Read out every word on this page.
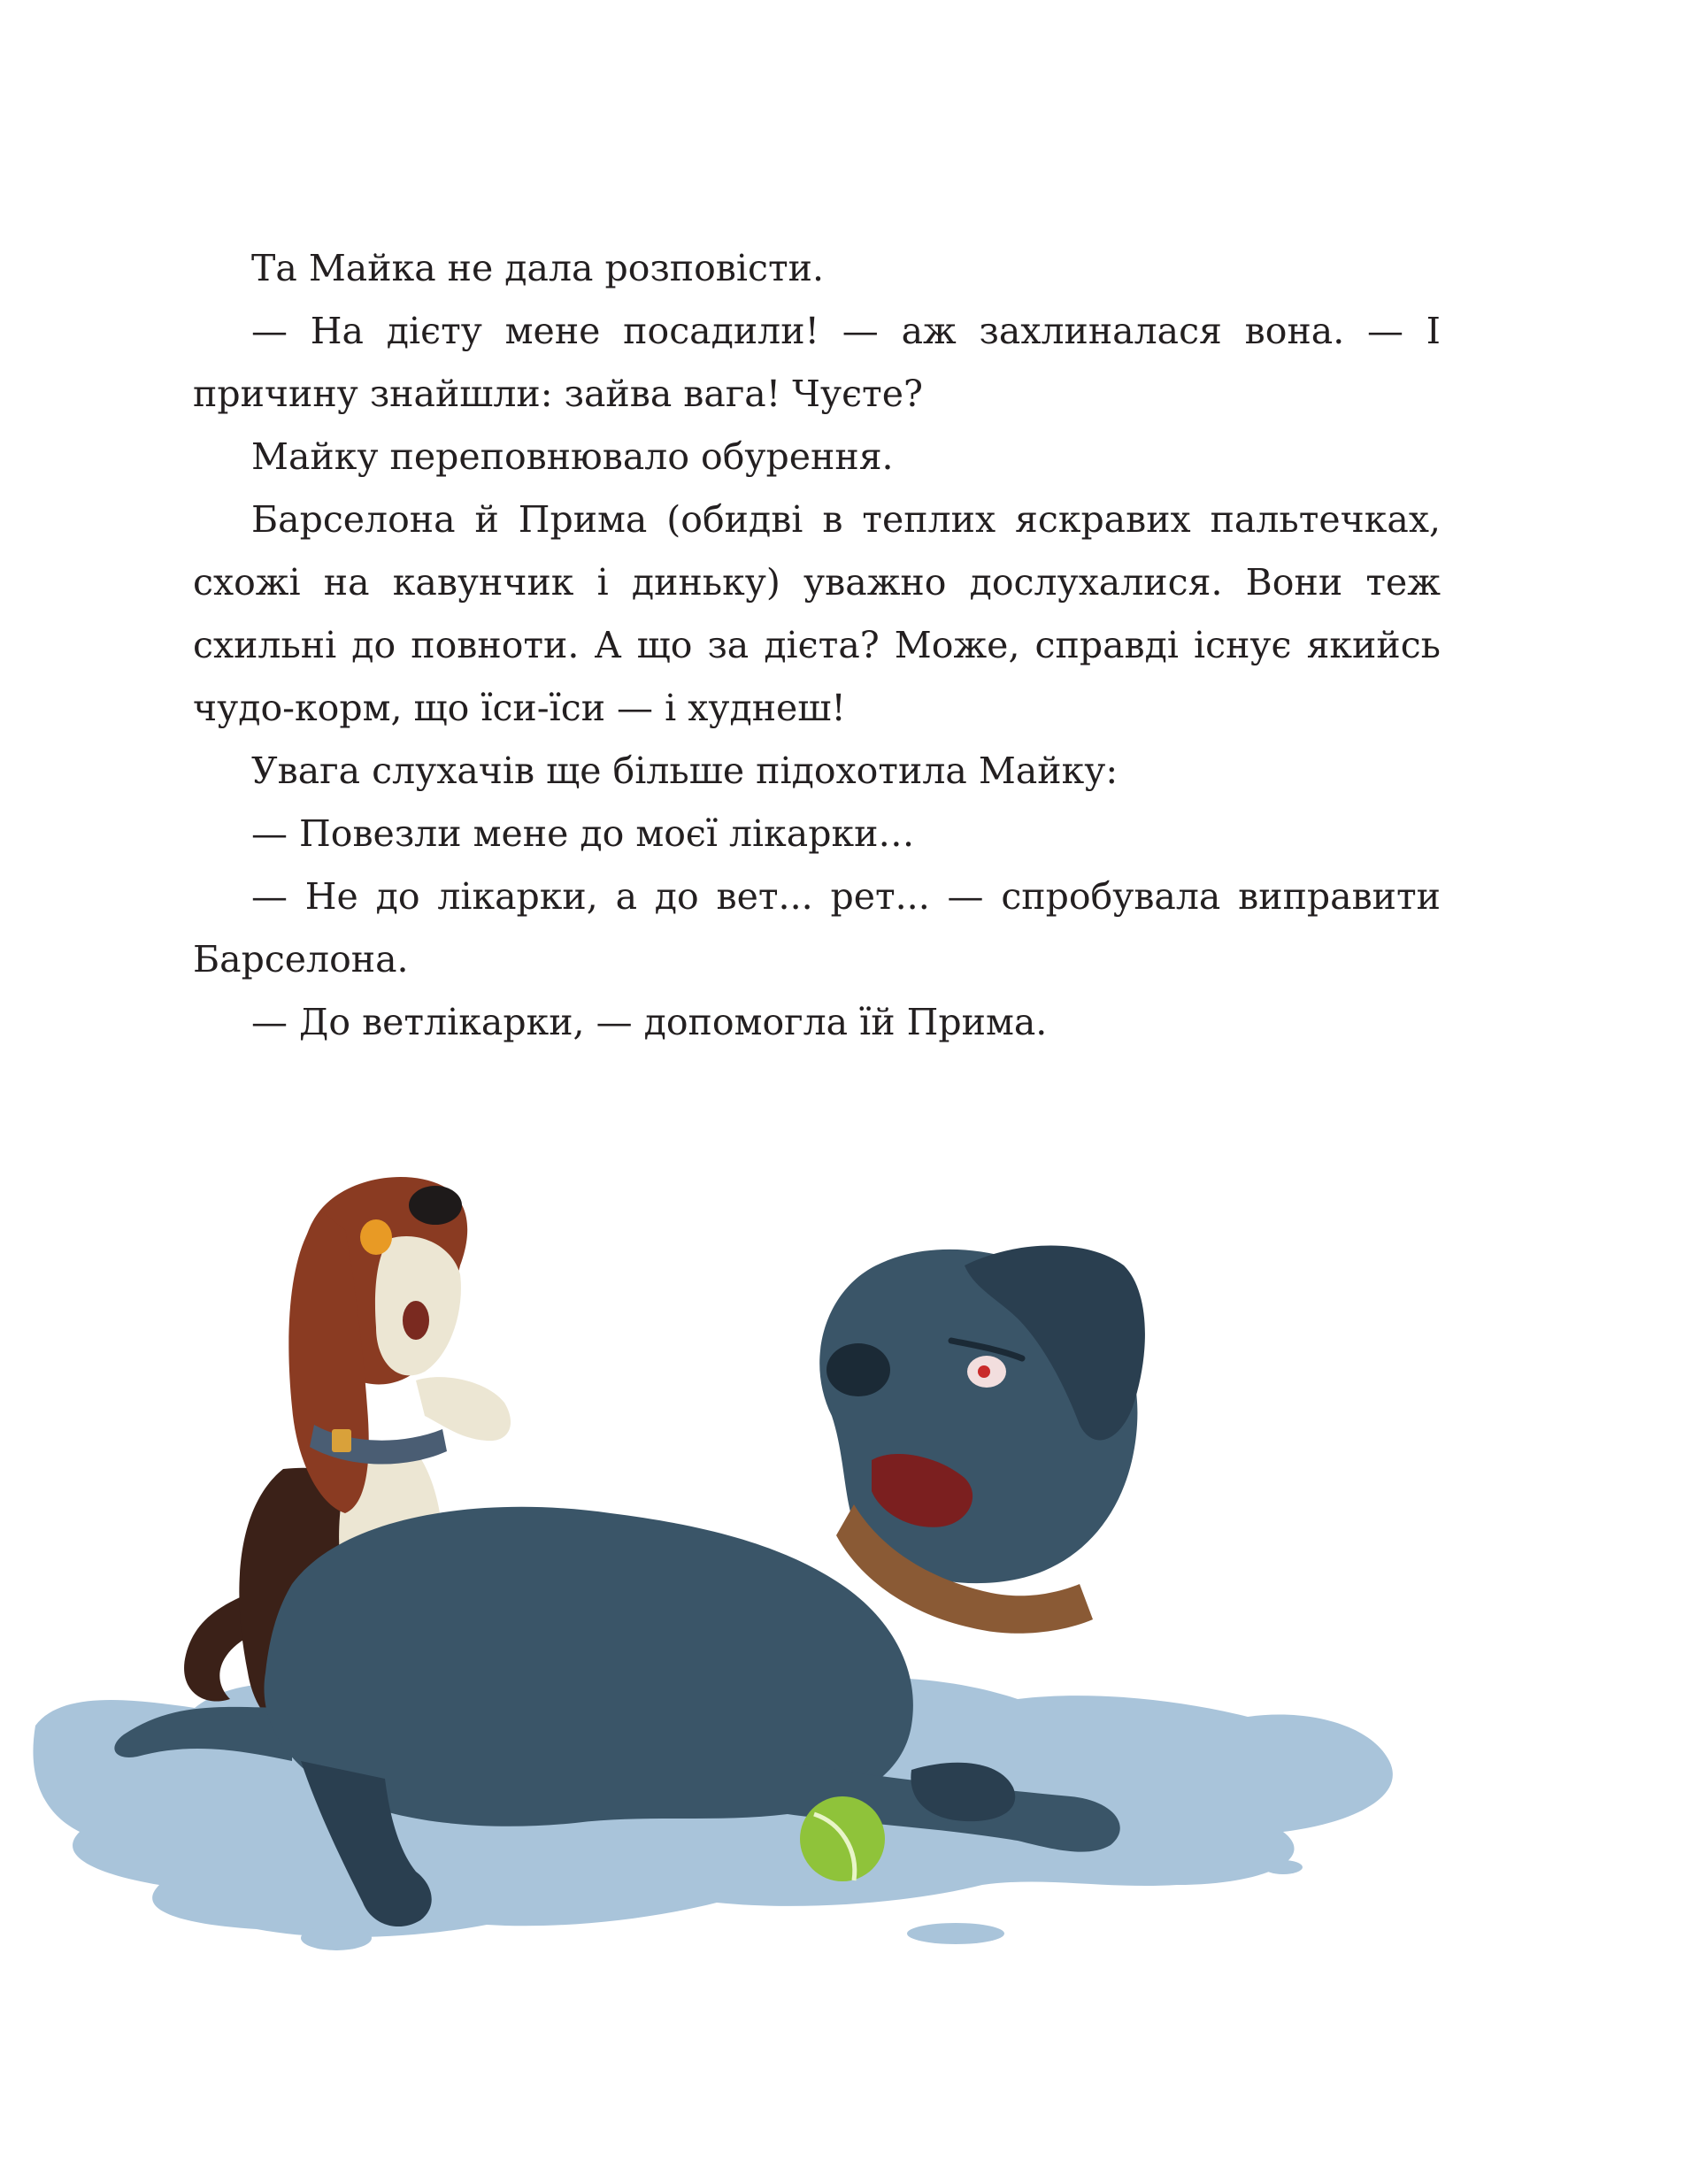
Та Майка не дала розповісти.

— На дієту мене посадили! — аж захлиналася вона. — І причину знайшли: зайва вага! Чуєте?

Майку переповнювало обурення.

Барселона й Прима (обидві в теплих яскравих пальтечках, схожі на кавунчик і диньку) уважно дослухалися. Вони теж схильні до повноти. А що за дієта? Може, справді існує якийсь чудо-корм, що їси-їси — і худнеш!

Увага слухачів ще більше підохотила Майку:

— Повезли мене до моєї лікарки…

— Не до лікарки, а до вет... рет... — спробувала виправити Барселона.

— До ветлікарки, — допомогла їй Прима.
